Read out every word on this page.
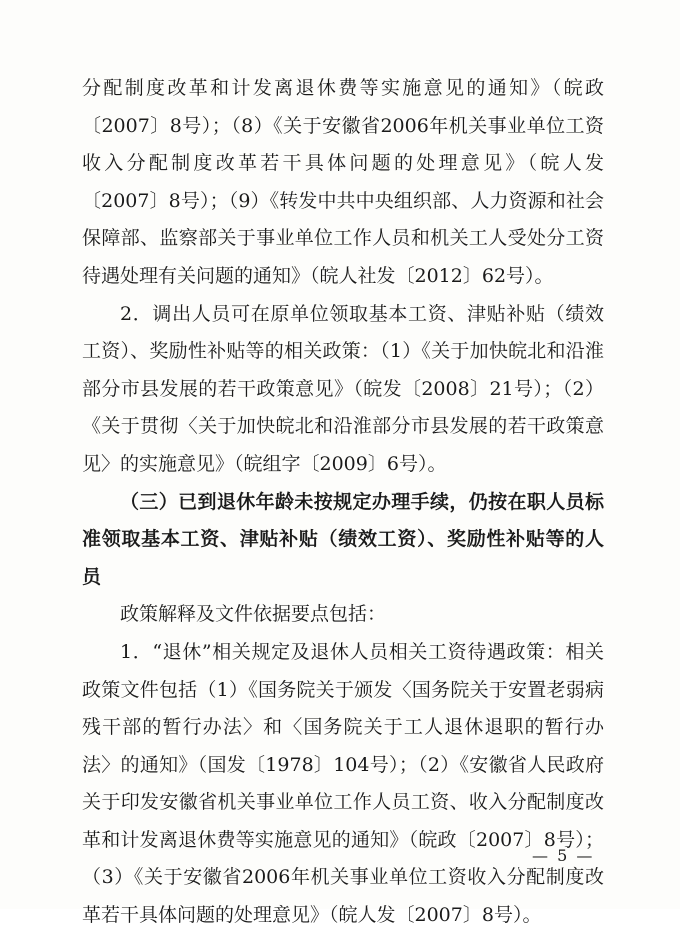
分配制度改革和计发离退休费等实施意见的通知》（皖政〔2007〕8号）；（8）《关于安徽省2006年机关事业单位工资收入分配制度改革若干具体问题的处理意见》（皖人发〔2007〕8号）；（9）《转发中共中央组织部、人力资源和社会保障部、监察部关于事业单位工作人员和机关工人受处分工资待遇处理有关问题的通知》（皖人社发〔2012〕62号）。

2．调出人员可在原单位领取基本工资、津贴补贴（绩效工资）、奖励性补贴等的相关政策：（1）《关于加快皖北和沿淮部分市县发展的若干政策意见》（皖发〔2008〕21号）；（2）《关于贯彻〈关于加快皖北和沿淮部分市县发展的若干政策意见〉的实施意见》（皖组字〔2009〕6号）。

（三）已到退休年龄未按规定办理手续，仍按在职人员标准领取基本工资、津贴补贴（绩效工资）、奖励性补贴等的人员

政策解释及文件依据要点包括：

1．“退休”相关规定及退休人员相关工资待遇政策：相关政策文件包括（1）《国务院关于颁发〈国务院关于安置老弱病残干部的暂行办法〉和〈国务院关于工人退休退职的暂行办法〉的通知》（国发〔1978〕104号）；（2）《安徽省人民政府关于印发安徽省机关事业单位工作人员工资、收入分配制度改革和计发离退休费等实施意见的通知》（皖政〔2007〕8号）；（3）《关于安徽省2006年机关事业单位工资收入分配制度改革若干具体问题的处理意见》（皖人发〔2007〕8号）。

— 5 —
